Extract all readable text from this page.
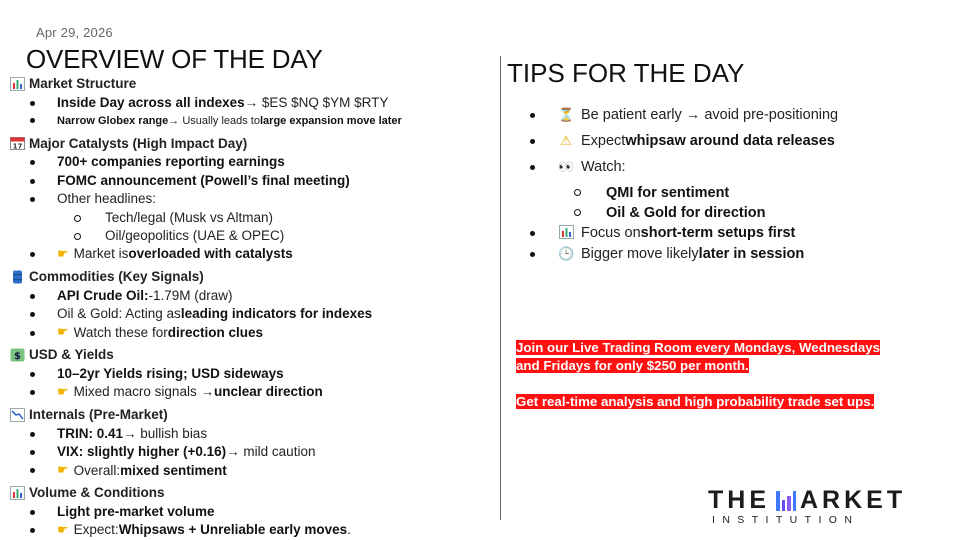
Apr 29, 2026
OVERVIEW OF THE DAY	TIPS FOR THE DAY
Market Structure
Inside Day across all indexes → $ES $NQ $YM $RTY
Narrow Globex range → Usually leads to large expansion move later
17 Major Catalysts (High Impact Day)
700+ companies reporting earnings
FOMC announcement (Powell’s final meeting)
Other headlines:
Tech/legal (Musk vs Altman)
Oil/geopolitics (UAE & OPEC)
☛ Market is overloaded with catalysts
Commodities (Key Signals)
API Crude Oil: -1.79M (draw)
Oil & Gold: Acting as leading indicators for indexes
☛ Watch these for direction clues
$ USD & Yields
10–2yr Yields rising; USD sideways
☛ Mixed macro signals → unclear direction
Internals (Pre-Market)
TRIN: 0.41 → bullish bias
VIX: slightly higher (+0.16) → mild caution
☛ Overall: mixed sentiment
Volume & Conditions
Light pre-market volume
☛ Expect: Whipsaws + Unreliable early moves .
⏳ Be patient early → avoid pre-positioning
⚠ Expect whipsaw around data releases
👀 Watch:
QMI for sentiment
Oil & Gold for direction
Focus on short-term setups first
🕒 Bigger move likely later in session

Join our Live Trading Room every Mondays, Wednesdays
and Fridays for only $250 per month.

Get real-time analysis and high probability trade set ups.

THE ARKET
INSTITUTION
